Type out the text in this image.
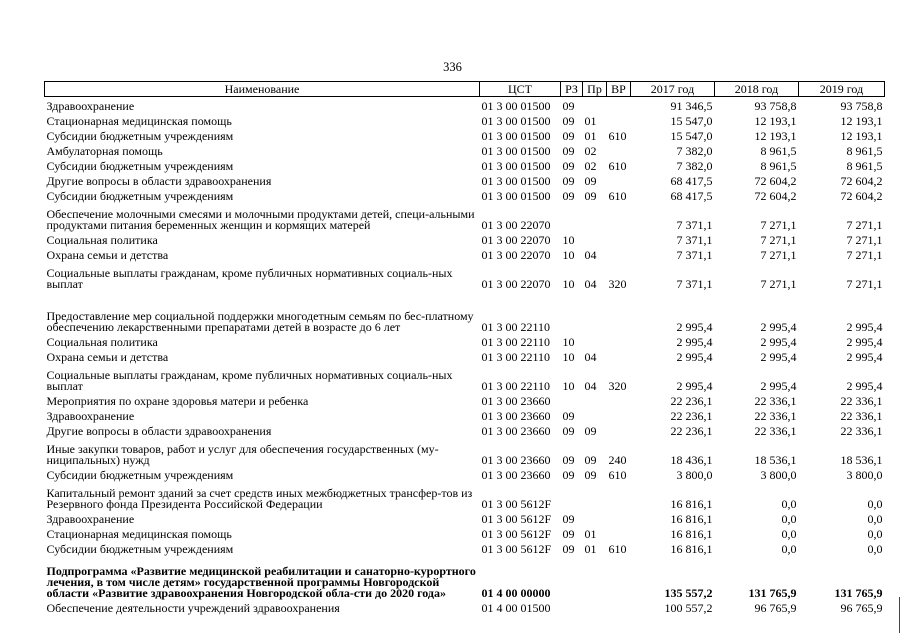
336
Наименование	ЦСТ	РЗ	Пр	ВР	2017 год	2018 год	2019 год
Здравоохранение	01 3 00 01500	09			91 346,5	93 758,8	93 758,8
Стационарная медицинская помощь	01 3 00 01500	09	01		15 547,0	12 193,1	12 193,1
Субсидии бюджетным учреждениям	01 3 00 01500	09	01	610	15 547,0	12 193,1	12 193,1
Амбулаторная помощь	01 3 00 01500	09	02		7 382,0	8 961,5	8 961,5
Субсидии бюджетным учреждениям	01 3 00 01500	09	02	610	7 382,0	8 961,5	8 961,5
Другие вопросы в области здравоохранения	01 3 00 01500	09	09		68 417,5	72 604,2	72 604,2
Субсидии бюджетным учреждениям	01 3 00 01500	09	09	610	68 417,5	72 604,2	72 604,2
Обеспечение молочными смесями и молочными продуктами детей, специ-альными продуктами питания беременных женщин и кормящих матерей	01 3 00 22070				7 371,1	7 271,1	7 271,1
Социальная политика	01 3 00 22070	10			7 371,1	7 271,1	7 271,1
Охрана семьи и детства	01 3 00 22070	10	04		7 371,1	7 271,1	7 271,1
Социальные выплаты гражданам, кроме публичных нормативных социаль-ных выплат	01 3 00 22070	10	04	320	7 371,1	7 271,1	7 271,1
Предоставление мер социальной поддержки многодетным семьям по бес-платному обеспечению лекарственными препаратами детей в возрасте до 6 лет	01 3 00 22110				2 995,4	2 995,4	2 995,4
Социальная политика	01 3 00 22110	10			2 995,4	2 995,4	2 995,4
Охрана семьи и детства	01 3 00 22110	10	04		2 995,4	2 995,4	2 995,4
Социальные выплаты гражданам, кроме публичных нормативных социаль-ных выплат	01 3 00 22110	10	04	320	2 995,4	2 995,4	2 995,4
Мероприятия по охране здоровья матери и ребенка	01 3 00 23660				22 236,1	22 336,1	22 336,1
Здравоохранение	01 3 00 23660	09			22 236,1	22 336,1	22 336,1
Другие вопросы в области здравоохранения	01 3 00 23660	09	09		22 236,1	22 336,1	22 336,1
Иные закупки товаров, работ и услуг для обеспечения государственных (му-ниципальных) нужд	01 3 00 23660	09	09	240	18 436,1	18 536,1	18 536,1
Субсидии бюджетным учреждениям	01 3 00 23660	09	09	610	3 800,0	3 800,0	3 800,0
Капитальный ремонт зданий за счет средств иных межбюджетных трансфер-тов из Резервного фонда Президента Российской Федерации	01 3 00 5612F				16 816,1	0,0	0,0
Здравоохранение	01 3 00 5612F	09			16 816,1	0,0	0,0
Стационарная медицинская помощь	01 3 00 5612F	09	01		16 816,1	0,0	0,0
Субсидии бюджетным учреждениям	01 3 00 5612F	09	01	610	16 816,1	0,0	0,0
Подпрограмма «Развитие медицинской реабилитации и санаторно-курортного лечения, в том числе детям» государственной программы Новгородской области «Развитие здравоохранения Новгородской обла-сти до 2020 года»	01 4 00 00000				135 557,2	131 765,9	131 765,9
Обеспечение деятельности учреждений здравоохранения	01 4 00 01500				100 557,2	96 765,9	96 765,9
